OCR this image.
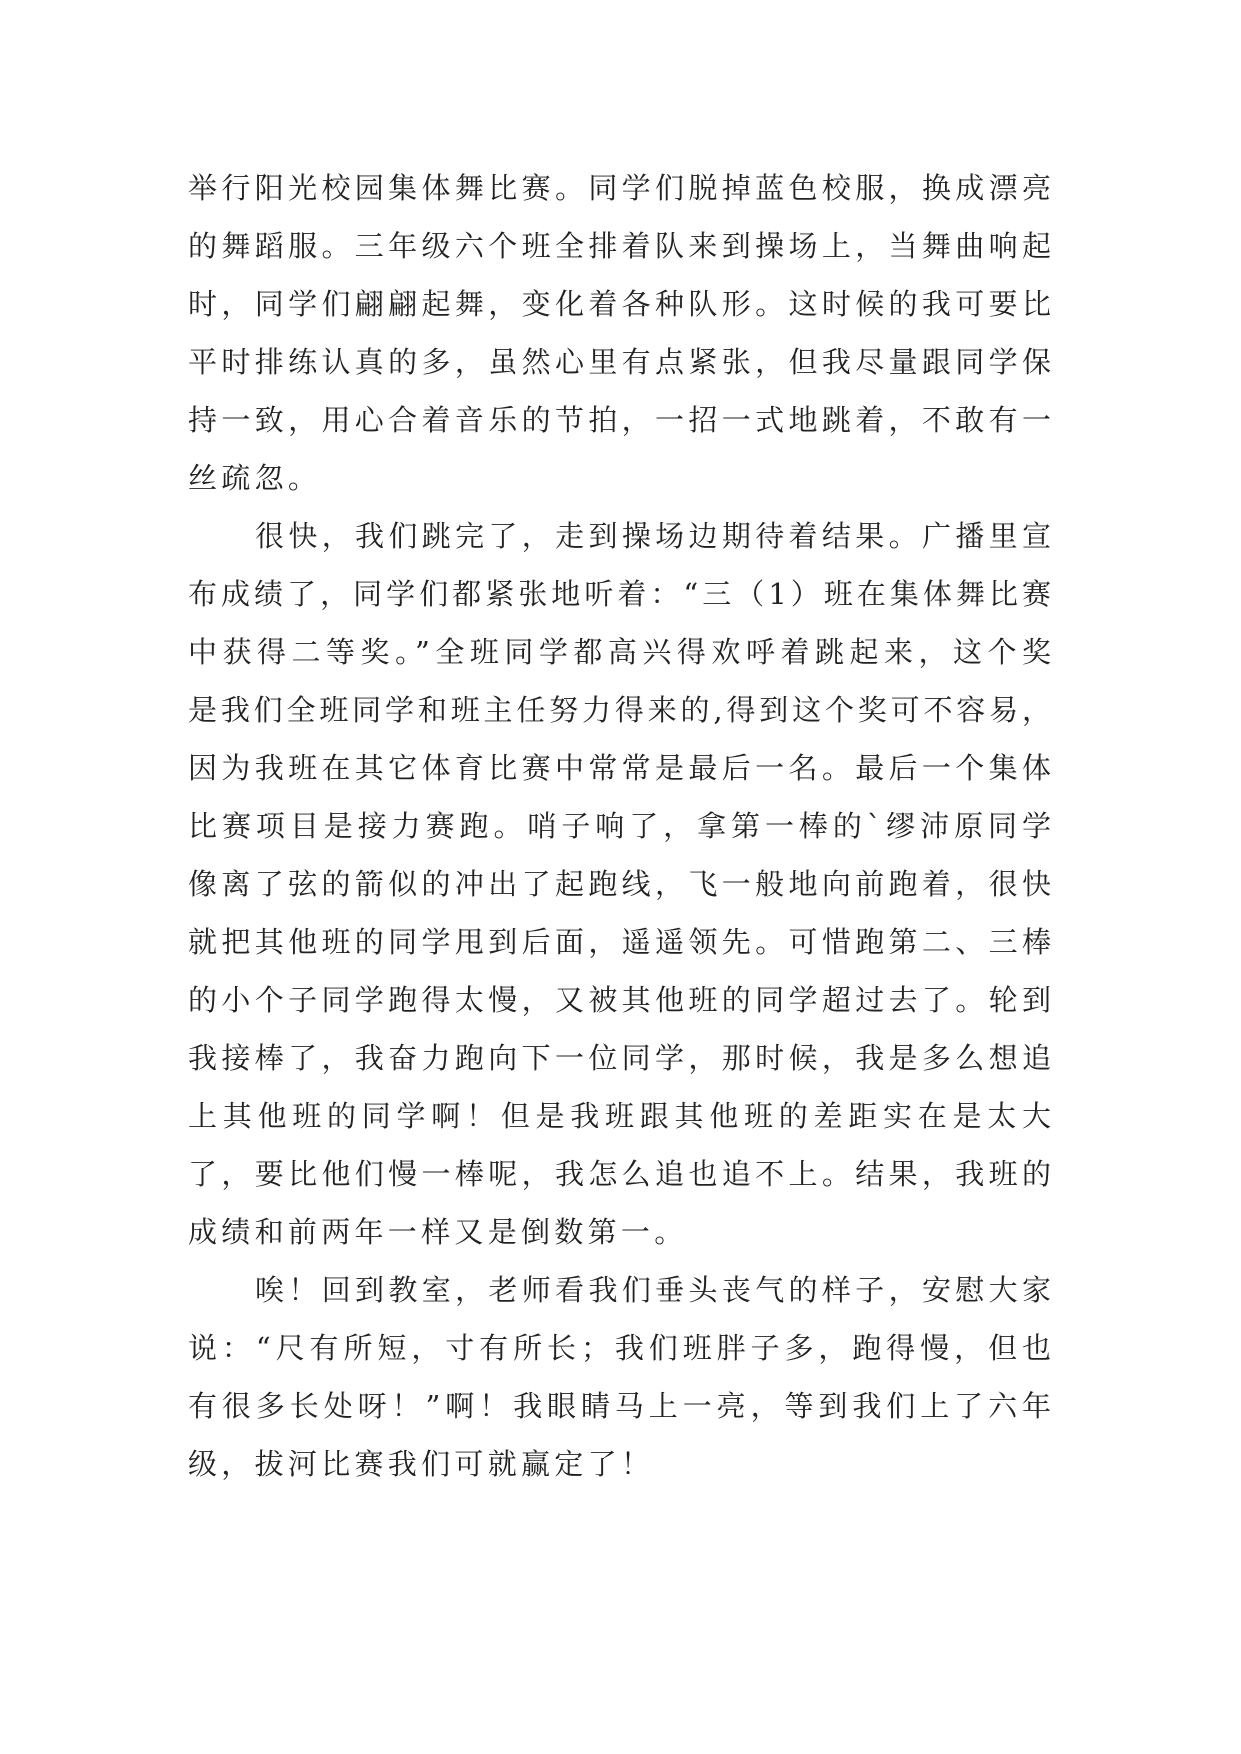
举行阳光校园集体舞比赛。同学们脱掉蓝色校服，换成漂亮
的舞蹈服。三年级六个班全排着队来到操场上，当舞曲响起
时，同学们翩翩起舞，变化着各种队形。这时候的我可要比
平时排练认真的多，虽然心里有点紧张，但我尽量跟同学保
持一致，用心合着音乐的节拍，一招一式地跳着，不敢有一
丝疏忽。
很快，我们跳完了，走到操场边期待着结果。广播里宣
布成绩了，同学们都紧张地听着：“三（1）班在集体舞比赛
中获得二等奖。”全班同学都高兴得欢呼着跳起来，这个奖
是我们全班同学和班主任努力得来的,得到这个奖可不容易，
因为我班在其它体育比赛中常常是最后一名。最后一个集体
比赛项目是接力赛跑。哨子响了，拿第一棒的`缪沛原同学
像离了弦的箭似的冲出了起跑线，飞一般地向前跑着，很快
就把其他班的同学甩到后面，遥遥领先。可惜跑第二、三棒
的小个子同学跑得太慢，又被其他班的同学超过去了。轮到
我接棒了，我奋力跑向下一位同学，那时候，我是多么想追
上其他班的同学啊！但是我班跟其他班的差距实在是太大
了，要比他们慢一棒呢，我怎么追也追不上。结果，我班的
成绩和前两年一样又是倒数第一。
唉！回到教室，老师看我们垂头丧气的样子，安慰大家
说：“尺有所短，寸有所长；我们班胖子多，跑得慢，但也
有很多长处呀！”啊！我眼睛马上一亮，等到我们上了六年
级，拔河比赛我们可就赢定了！
